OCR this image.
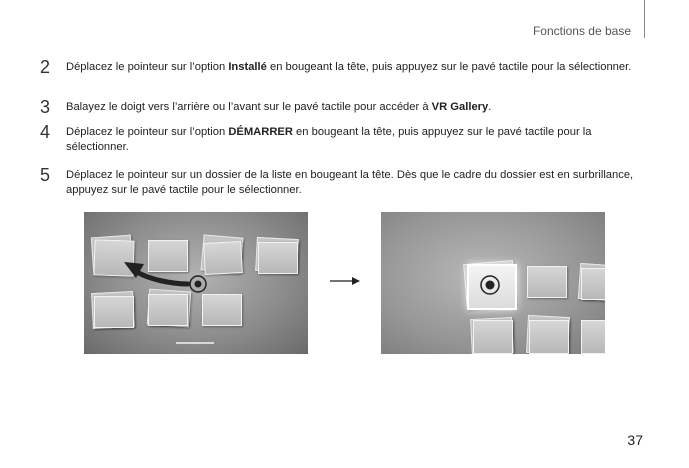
Fonctions de base
2	Déplacez le pointeur sur l’option Installé en bougeant la tête, puis appuyez sur le pavé tactile pour la sélectionner.
3	Balayez le doigt vers l’arrière ou l’avant sur le pavé tactile pour accéder à VR Gallery.
4	Déplacez le pointeur sur l’option DÉMARRER en bougeant la tête, puis appuyez sur le pavé tactile pour la sélectionner.
5	Déplacez le pointeur sur un dossier de la liste en bougeant la tête. Dès que le cadre du dossier est en surbrillance, appuyez sur le pavé tactile pour le sélectionner.
37
